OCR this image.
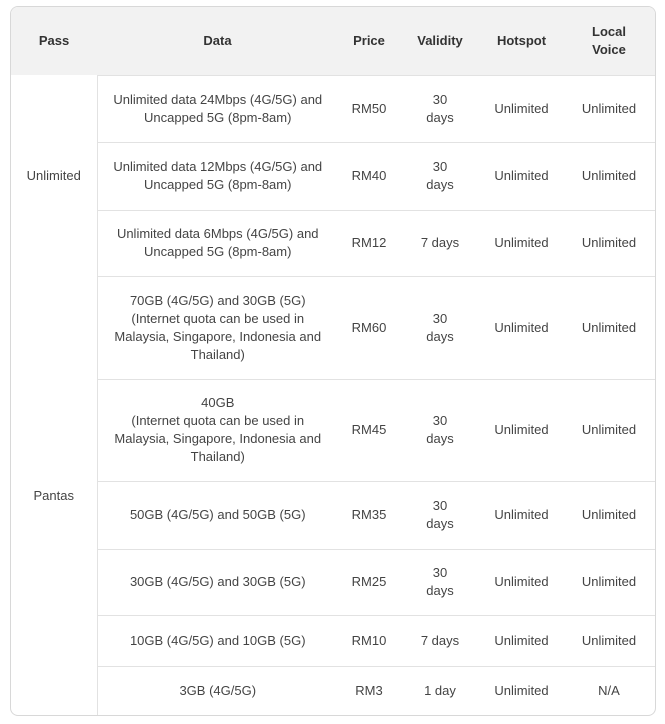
Pass	Data	Price	Validity	Hotspot	Local
Voice

Unlimited	Unlimited data 24Mbps (4G/5G) and
Uncapped 5G (8pm-8am)	RM50	30
days	Unlimited	Unlimited

	Unlimited data 12Mbps (4G/5G) and
Uncapped 5G (8pm-8am)	RM40	30
days	Unlimited	Unlimited

	Unlimited data 6Mbps (4G/5G) and
Uncapped 5G (8pm-8am)	RM12	7 days	Unlimited	Unlimited
Pantas	70GB (4G/5G) and 30GB (5G)
(Internet quota can be used in
Malaysia, Singapore, Indonesia and
Thailand)	RM60	30
days	Unlimited	Unlimited

	40GB
(Internet quota can be used in
Malaysia, Singapore, Indonesia and
Thailand)	RM45	30
days	Unlimited	Unlimited

	50GB (4G/5G) and 50GB (5G)	RM35	30
days	Unlimited	Unlimited

	30GB (4G/5G) and 30GB (5G)	RM25	30
days	Unlimited	Unlimited

	10GB (4G/5G) and 10GB (5G)	RM10	7 days	Unlimited	Unlimited

	3GB (4G/5G)	RM3	1 day	Unlimited	N/A
